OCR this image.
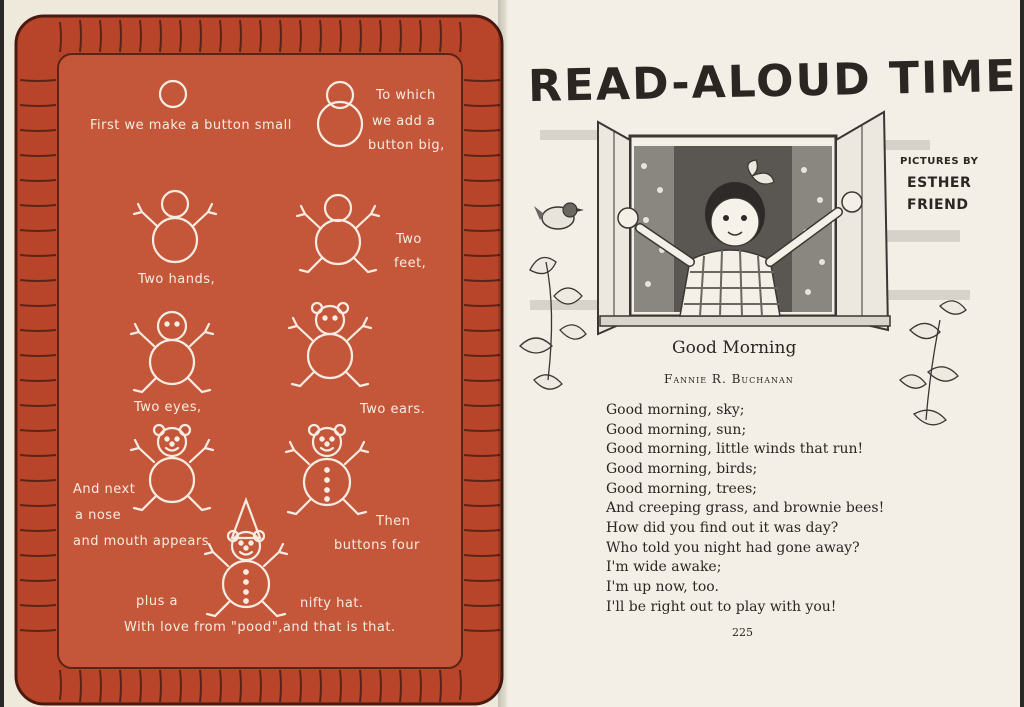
First we make a button small
To which
we add a
button big,
Two hands,
Two
feet,
Two eyes,	Two ears.
And next
a nose
and mouth appears
Then
buttons four
plus a	nifty hat.
With love from "pood",and that is that.
READ-ALOUD TIME
PICTURES BY
ESTHER
FRIEND
Good Morning
Fannie R. Buchanan
Good morning, sky;
Good morning, sun;
Good morning, little winds that run!
Good morning, birds;
Good morning, trees;
And creeping grass, and brownie bees!
How did you find out it was day?
Who told you night had gone away?
I'm wide awake;
I'm up now, too.
I'll be right out to play with you!
225
